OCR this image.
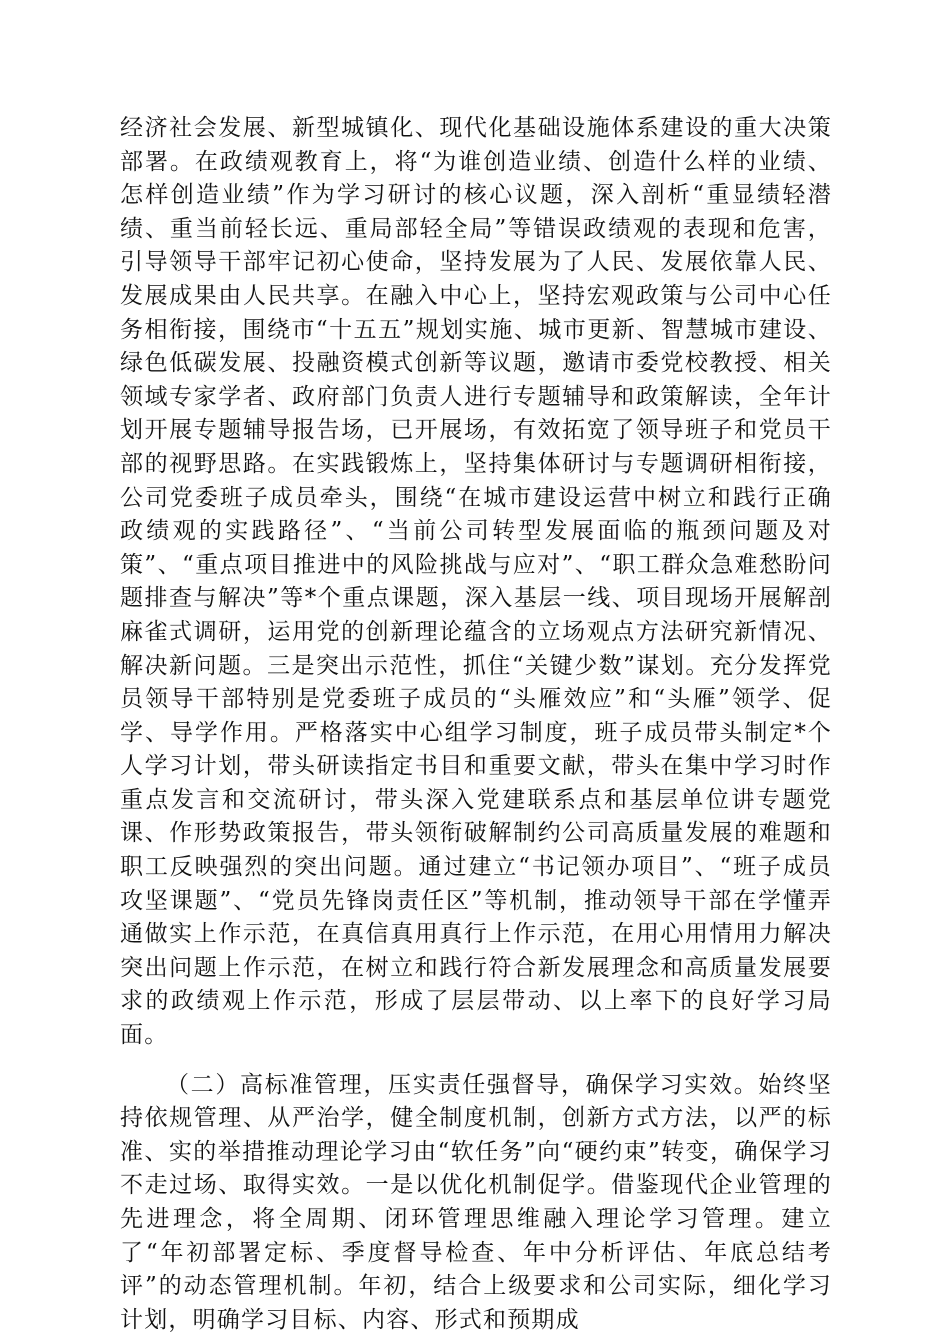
经济社会发展、新型城镇化、现代化基础设施体系建设的重大决策部署。在政绩观教育上，将“为谁创造业绩、创造什么样的业绩、怎样创造业绩”作为学习研讨的核心议题，深入剖析“重显绩轻潜绩、重当前轻长远、重局部轻全局”等错误政绩观的表现和危害，引导领导干部牢记初心使命，坚持发展为了人民、发展依靠人民、发展成果由人民共享。在融入中心上，坚持宏观政策与公司中心任务相衔接，围绕市“十五五”规划实施、城市更新、智慧城市建设、绿色低碳发展、投融资模式创新等议题，邀请市委党校教授、相关领域专家学者、政府部门负责人进行专题辅导和政策解读，全年计划开展专题辅导报告场，已开展场，有效拓宽了领导班子和党员干部的视野思路。在实践锻炼上，坚持集体研讨与专题调研相衔接，公司党委班子成员牵头，围绕“在城市建设运营中树立和践行正确政绩观的实践路径”、“当前公司转型发展面临的瓶颈问题及对策”、“重点项目推进中的风险挑战与应对”、“职工群众急难愁盼问题排查与解决”等*个重点课题，深入基层一线、项目现场开展解剖麻雀式调研，运用党的创新理论蕴含的立场观点方法研究新情况、解决新问题。三是突出示范性，抓住“关键少数”谋划。充分发挥党员领导干部特别是党委班子成员的“头雁效应”和“头雁”领学、促学、导学作用。严格落实中心组学习制度，班子成员带头制定*个人学习计划，带头研读指定书目和重要文献，带头在集中学习时作重点发言和交流研讨，带头深入党建联系点和基层单位讲专题党课、作形势政策报告，带头领衔破解制约公司高质量发展的难题和职工反映强烈的突出问题。通过建立“书记领办项目”、“班子成员攻坚课题”、“党员先锋岗责任区”等机制，推动领导干部在学懂弄通做实上作示范，在真信真用真行上作示范，在用心用情用力解决突出问题上作示范，在树立和践行符合新发展理念和高质量发展要求的政绩观上作示范，形成了层层带动、以上率下的良好学习局面。

（二）高标准管理，压实责任强督导，确保学习实效。始终坚持依规管理、从严治学，健全制度机制，创新方式方法，以严的标准、实的举措推动理论学习由“软任务”向“硬约束”转变，确保学习不走过场、取得实效。一是以优化机制促学。借鉴现代企业管理的先进理念，将全周期、闭环管理思维融入理论学习管理。建立了“年初部署定标、季度督导检查、年中分析评估、年底总结考评”的动态管理机制。年初，结合上级要求和公司实际，细化学习计划，明确学习目标、内容、形式和预期成
